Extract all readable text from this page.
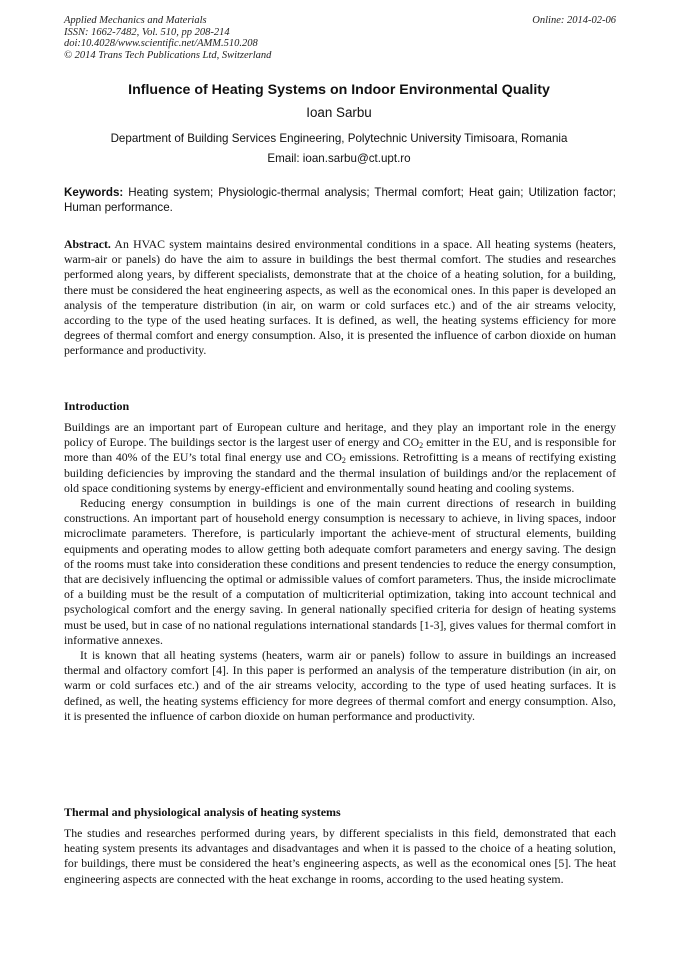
Applied Mechanics and Materials
ISSN: 1662-7482, Vol. 510, pp 208-214
doi:10.4028/www.scientific.net/AMM.510.208
© 2014 Trans Tech Publications Ltd, Switzerland
Online: 2014-02-06
Influence of Heating Systems on Indoor Environmental Quality
Ioan Sarbu
Department of Building Services Engineering, Polytechnic University Timisoara, Romania
Email: ioan.sarbu@ct.upt.ro
Keywords: Heating system; Physiologic-thermal analysis; Thermal comfort; Heat gain; Utilization factor; Human performance.
Abstract. An HVAC system maintains desired environmental conditions in a space. All heating systems (heaters, warm-air or panels) do have the aim to assure in buildings the best thermal comfort. The studies and researches performed along years, by different specialists, demonstrate that at the choice of a heating solution, for a building, there must be considered the heat engineering aspects, as well as the economical ones. In this paper is developed an analysis of the temperature distribution (in air, on warm or cold surfaces etc.) and of the air streams velocity, according to the type of the used heating surfaces. It is defined, as well, the heating systems efficiency for more degrees of thermal comfort and energy consumption. Also, it is presented the influence of carbon dioxide on human performance and productivity.
Introduction

Buildings are an important part of European culture and heritage, and they play an important role in the energy policy of Europe. The buildings sector is the largest user of energy and $CO_2$ emitter in the EU, and is responsible for more than 40% of the EU’s total final energy use and $CO_2$ emissions. Retrofitting is a means of rectifying existing building deficiencies by improving the standard and the thermal insulation of buildings and/or the replacement of old space conditioning systems by energy-efficient and environmentally sound heating and cooling systems.

Reducing energy consumption in buildings is one of the main current directions of research in building constructions. An important part of household energy consumption is necessary to achieve, in living spaces, indoor microclimate parameters. Therefore, is particularly important the achieve-ment of structural elements, building equipments and operating modes to allow getting both adequate comfort parameters and energy saving. The design of the rooms must take into consideration these conditions and present tendencies to reduce the energy consumption, that are decisively influencing the optimal or admissible values of comfort parameters. Thus, the inside microclimate of a building must be the result of a computation of multicriterial optimization, taking into account technical and psychological comfort and the energy saving. In general nationally specified criteria for design of heating systems must be used, but in case of no national regulations international standards [1-3], gives values for thermal comfort in informative annexes.

It is known that all heating systems (heaters, warm air or panels) follow to assure in buildings an increased thermal and olfactory comfort [4]. In this paper is performed an analysis of the temperature distribution (in air, on warm or cold surfaces etc.) and of the air streams velocity, according to the type of used heating surfaces. It is defined, as well, the heating systems efficiency for more degrees of thermal comfort and energy consumption. Also, it is presented the influence of carbon dioxide on human performance and productivity.

Thermal and physiological analysis of heating systems

The studies and researches performed during years, by different specialists in this field, demonstrated that each heating system presents its advantages and disadvantages and when it is passed to the choice of a heating solution, for buildings, there must be considered the heat’s engineering aspects, as well as the economical ones [5]. The heat engineering aspects are connected with the heat exchange in rooms, according to the used heating system.
